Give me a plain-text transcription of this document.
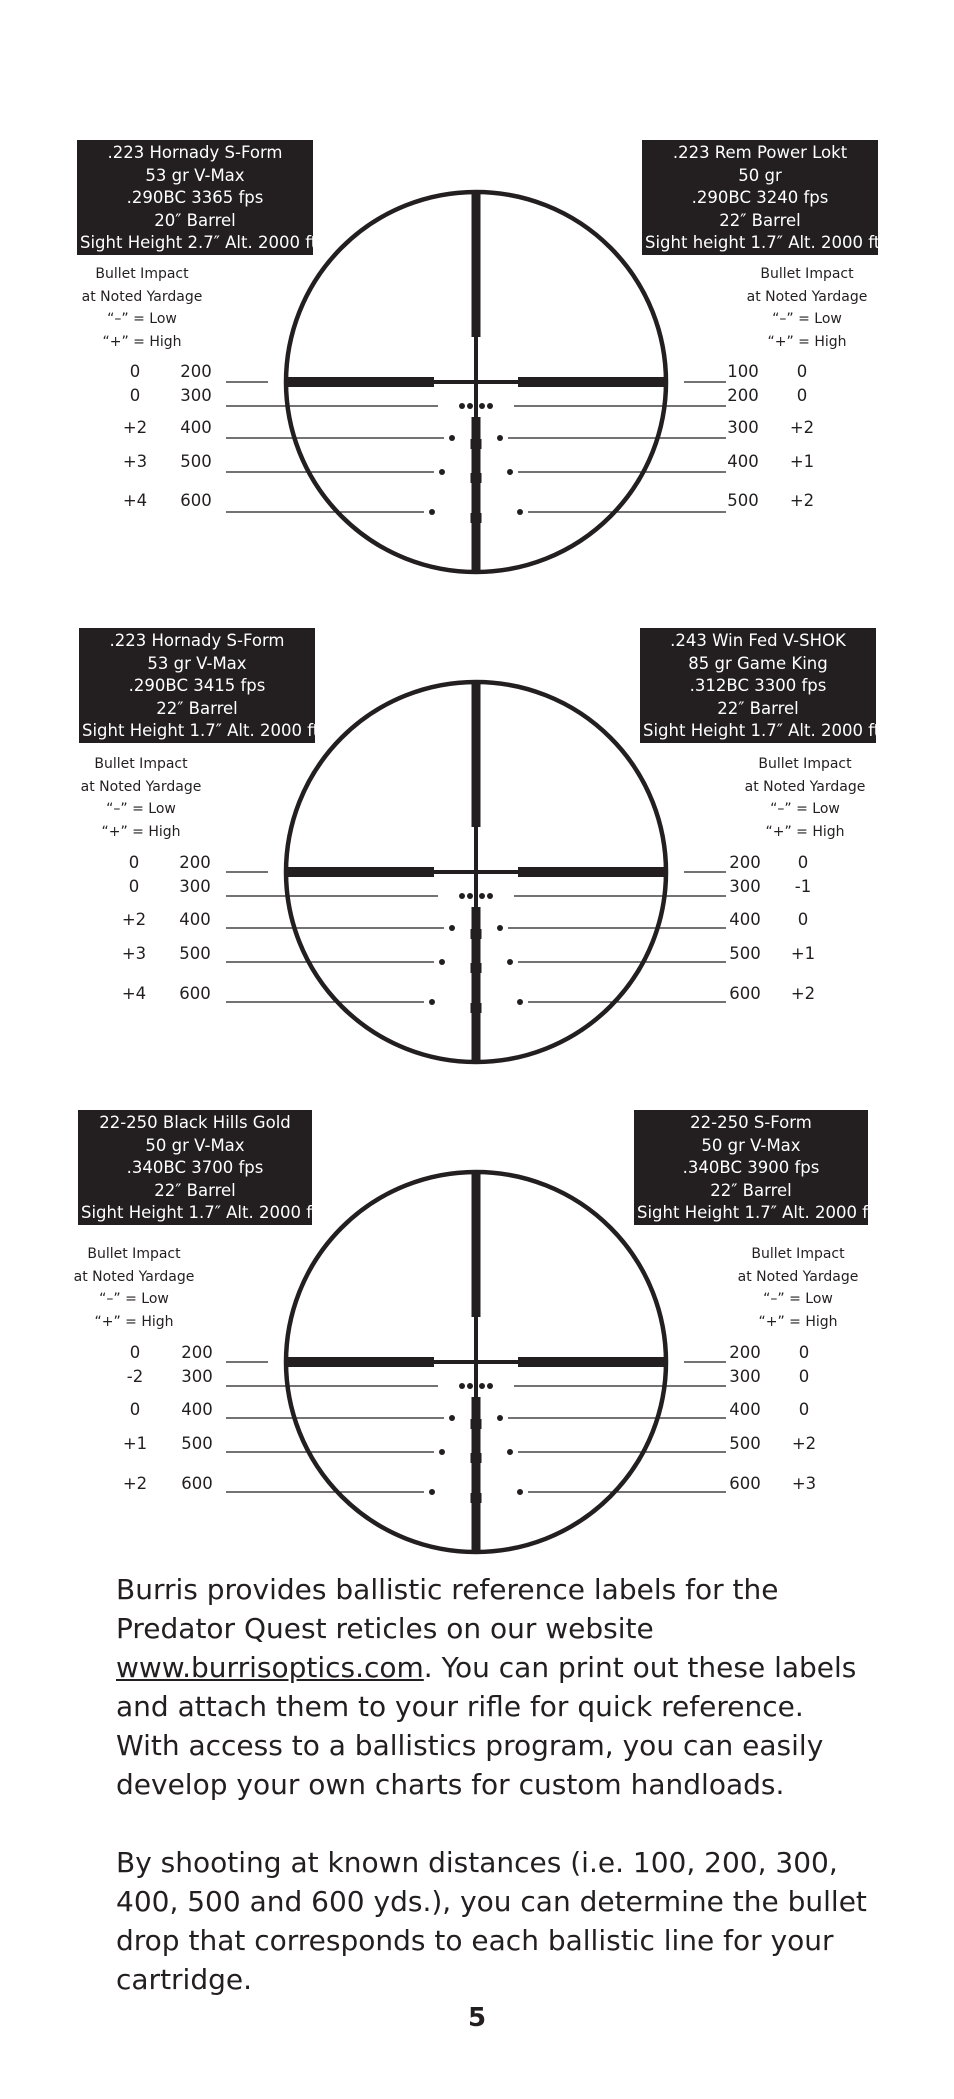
.223 Hornady S-Form
53 gr V-Max
.290BC 3365 fps
20″ Barrel
Sight Height 2.7″ Alt. 2000 ft.
.223 Rem Power Lokt
50 gr
.290BC 3240 fps
22″ Barrel
Sight height 1.7″ Alt. 2000 ft.
Bullet Impact
at Noted Yardage
“–” = Low
“+” = High
Bullet Impact
at Noted Yardage
“–” = Low
“+” = High
0	200
0	300
+2	400
+3	500
+4	600
100	0
200	0
300	+2
400	+1
500	+2
.223 Hornady S-Form
53 gr V-Max
.290BC 3415 fps
22″ Barrel
Sight Height 1.7″ Alt. 2000 ft.
.243 Win Fed V-SHOK
85 gr Game King
.312BC 3300 fps
22″ Barrel
Sight Height 1.7″ Alt. 2000 ft.
Bullet Impact
at Noted Yardage
“–” = Low
“+” = High
Bullet Impact
at Noted Yardage
“–” = Low
“+” = High
0	200
0	300
+2	400
+3	500
+4	600
200	0
300	-1
400	0
500	+1
600	+2
22-250 Black Hills Gold
50 gr V-Max
.340BC 3700 fps
22″ Barrel
Sight Height 1.7″ Alt. 2000 ft.
22-250 S-Form
50 gr V-Max
.340BC 3900 fps
22″ Barrel
Sight Height 1.7″ Alt. 2000 ft.
Bullet Impact
at Noted Yardage
“–” = Low
“+” = High
Bullet Impact
at Noted Yardage
“–” = Low
“+” = High
0	200
-2	300
0	400
+1	500
+2	600
200	0
300	0
400	0
500	+2
600	+3
Burris provides ballistic reference labels for the Predator Quest reticles on our website www.burrisoptics.com. You can print out these labels and attach them to your rifle for quick reference. With access to a ballistics program, you can easily develop your own charts for custom handloads.
By shooting at known distances (i.e. 100, 200, 300, 400, 500 and 600 yds.), you can determine the bullet drop that corresponds to each ballistic line for your cartridge.
5
